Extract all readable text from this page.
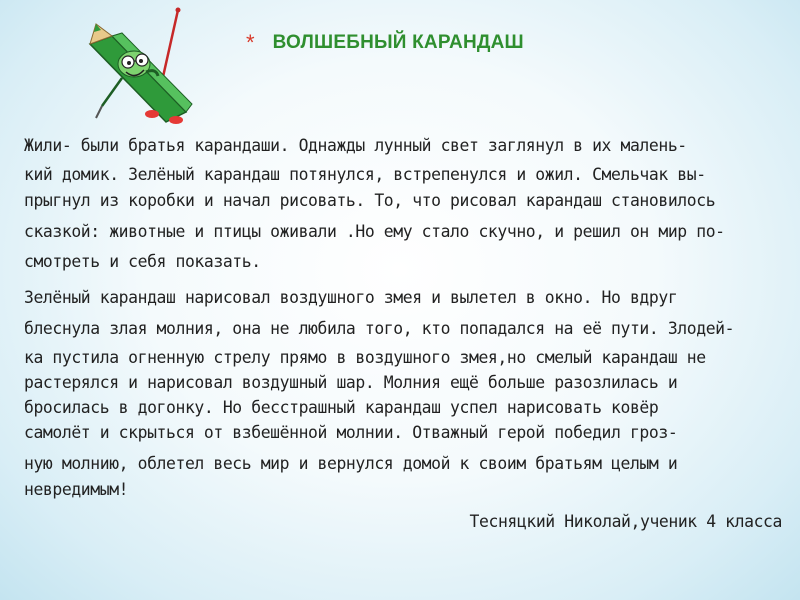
* ВОЛШЕБНЫЙ КАРАНДАШ
Жили- были братья карандаши. Однажды лунный свет заглянул в их малень-
кий домик. Зелёный карандаш потянулся, встрепенулся и ожил. Смельчак вы-
прыгнул из коробки и начал рисовать. То, что рисовал карандаш становилось
сказкой: животные и птицы оживали .Но ему стало скучно, и решил он мир по-
смотреть и себя показать.
Зелёный карандаш нарисовал воздушного змея и вылетел в окно. Но вдруг
блеснула злая молния, она не любила того, кто попадался на её пути. Злодей-
ка пустила огненную стрелу прямо в воздушного змея,но смелый карандаш не
растерялся и нарисовал воздушный шар. Молния ещё больше разозлилась и
бросилась в догонку. Но бесстрашный карандаш успел нарисовать ковёр
самолёт и скрыться от взбешённой молнии. Отважный герой победил гроз-
ную молнию, облетел весь мир и вернулся домой к своим братьям целым и
невредимым!
Тесняцкий Николай,ученик 4 класса
